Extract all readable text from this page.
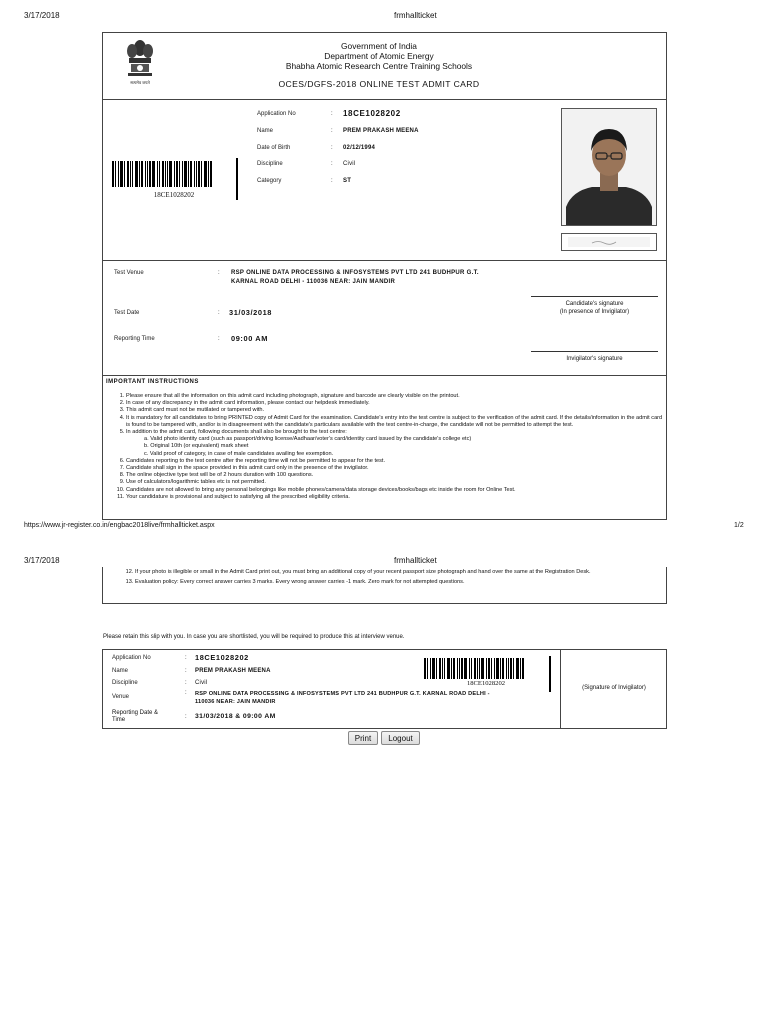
3/17/2018	frmhallticket
सत्यमेव जयते
Government of India
Department of Atomic Energy
Bhabha Atomic Research Centre Training Schools
OCES/DGFS-2018 ONLINE TEST ADMIT CARD
18CE1028202
Application No	: 18CE1028202
Name	: PREM PRAKASH MEENA
Date of Birth	: 02/12/1994
Discipline	: Civil
Category	: ST
Test Venue	: RSP ONLINE DATA PROCESSING & INFOSYSTEMS PVT LTD 241 BUDHPUR G.T.
KARNAL ROAD DELHI - 110036 NEAR: JAIN MANDIR
Candidate's signature
(In presence of Invigilator)
Test Date	: 31/03/2018
Reporting Time	: 09:00 AM
Invigilator's signature
IMPORTANT INSTRUCTIONS
1. Please ensure that all the information on this admit card including photograph, signature and barcode are clearly visible on the printout.
2. In case of any discrepancy in the admit card information, please contact our helpdesk immediately.
3. This admit card must not be mutilated or tampered with.
4. It is mandatory for all candidates to bring PRINTED copy of Admit Card for the examination. Candidate's entry into the test centre is subject to the verification of the admit card. If the details/information in the admit card is found to be tampered with, and/or is in disagreement with the candidate's particulars available with the test centre-in-charge, the candidate will not be permitted to attempt the test.
5. In addition to the admit card, following documents shall also be brought to the test centre:
a. Valid photo identity card (such as passport/driving license/Aadhaar/voter's card/identity card issued by the candidate's college etc)
b. Original 10th (or equivalent) mark sheet
c. Valid proof of category, in case of male candidates availing fee exemption.
6. Candidates reporting to the test centre after the reporting time will not be permitted to appear for the test.
7. Candidate shall sign in the space provided in this admit card only in the presence of the invigilator.
8. The online objective type test will be of 2 hours duration with 100 questions.
9. Use of calculators/logarithmic tables etc is not permitted.
10. Candidates are not allowed to bring any personal belongings like mobile phones/camera/data storage devices/books/bags etc inside the room for Online Test.
11. Your candidature is provisional and subject to satisfying all the prescribed eligibility criteria.
https://www.jr-register.co.in/engbac2018live/frmhallticket.aspx	1/2
3/17/2018	frmhallticket
12. If your photo is illegible or small in the Admit Card print out, you must bring an additional copy of your recent passport size photograph and hand over the same at the Registration Desk.
13. Evaluation policy: Every correct answer carries 3 marks. Every wrong answer carries -1 mark. Zero mark for not attempted questions.
Please retain this slip with you. In case you are shortlisted, you will be required to produce this at interview venue.
Application No	: 18CE1028202
Name	: PREM PRAKASH MEENA
Discipline	: Civil
Venue
: RSP ONLINE DATA PROCESSING & INFOSYSTEMS PVT LTD 241 BUDHPUR G.T. KARNAL ROAD DELHI -
110036 NEAR: JAIN MANDIR
Reporting Date &
Time	: 31/03/2018 & 09:00 AM
18CE1028202
(Signature of Invigilator)
Print	Logout
